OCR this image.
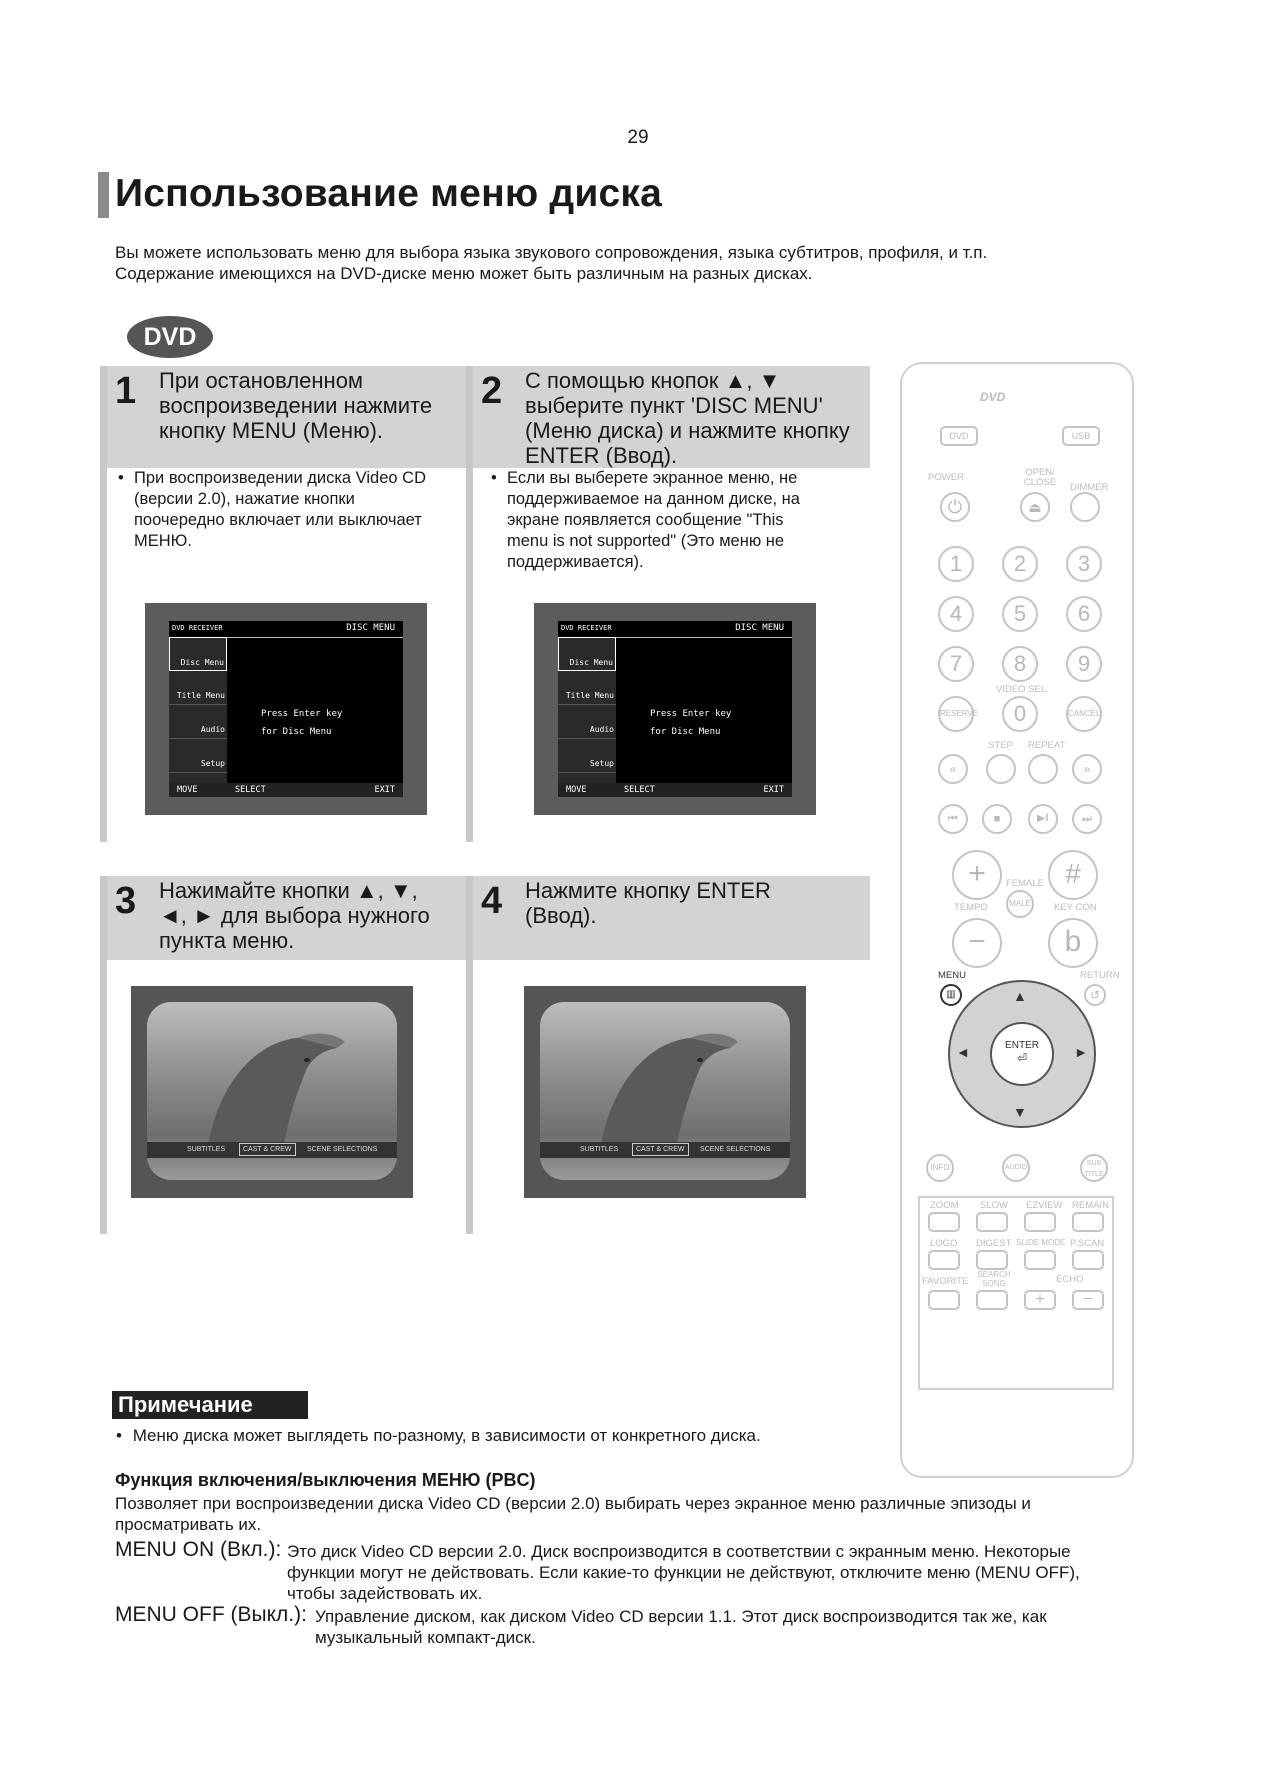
29
Использование меню диска
Вы можете использовать меню для выбора языка звукового сопровождения, языка субтитров, профиля, и т.п.
Содержание имеющихся на DVD-диске меню может быть различным на разных дисках.
DVD
1 При остановленном
воспроизведении нажмите
кнопку MENU (Меню).
• При воспроизведении диска Video CD
(версии 2.0), нажатие кнопки
поочередно включает или выключает
МЕНЮ.
2 С помощью кнопок ▲, ▼
выберите пункт 'DISC MENU'
(Меню диска) и нажмите кнопку
ENTER (Ввод).
• Если вы выберете экранное меню, не
поддерживаемое на данном диске, на
экране появляется сообщение "This
menu is not supported" (Это меню не
поддерживается).
DVD RECEIVER	DISC MENU
Disc Menu
Title Menu
Audio
Setup
Press Enter key
for Disc Menu
MOVE	SELECT	EXIT
DVD RECEIVER	DISC MENU
Disc Menu
Title Menu
Audio
Setup
Press Enter key
for Disc Menu
MOVE	SELECT	EXIT
3 Нажимайте кнопки ▲, ▼,
◄, ► для выбора нужного
пункта меню.
4 Нажмите кнопку ENTER
(Ввод).
SUBTITLES	CAST & CREW	SCENE SELECTIONS	SUBTITLES	CAST & CREW	SCENE SELECTIONS
DVD
DVD	USB
POWER	OPEN/ CLOSE	DIMMER
⏻	⏏
1	2	3
4	5	6
7	8	9
VIDEO SEL.
RESERVE	0	CANCEL
STEP REPEAT
«	»
⏮	■	▶ǁ	⏭
+	#
FEMALE
MALE
TEMPO	KEY CON
−	b
MENU	RETURN
▥	↺
▲
▼
◄	►
ENTER
⏎
INFO	AUDIO
SUB TITLE
ZOOM SLOW EZVIEW REMAIN
LOGO DIGEST SLIDE MODE P.SCAN
FAVORITE
SEARCH SONG	ECHO
+	−
Примечание
• Меню диска может выглядеть по-разному, в зависимости от конкретного диска.
Функция включения/выключения МЕНЮ (PBC)
Позволяет при воспроизведении диска Video CD (версии 2.0) выбирать через экранное меню различные эпизоды и
просматривать их.
MENU ON (Вкл.): Это диск Video CD версии 2.0. Диск воспроизводится в соответствии с экранным меню. Некоторые
функции могут не действовать. Если какие-то функции не действуют, отключите меню (MENU OFF),
чтобы задействовать их.
MENU OFF (Выкл.): Управление диском, как диском Video CD версии 1.1. Этот диск воспроизводится так же, как
музыкальный компакт-диск.
